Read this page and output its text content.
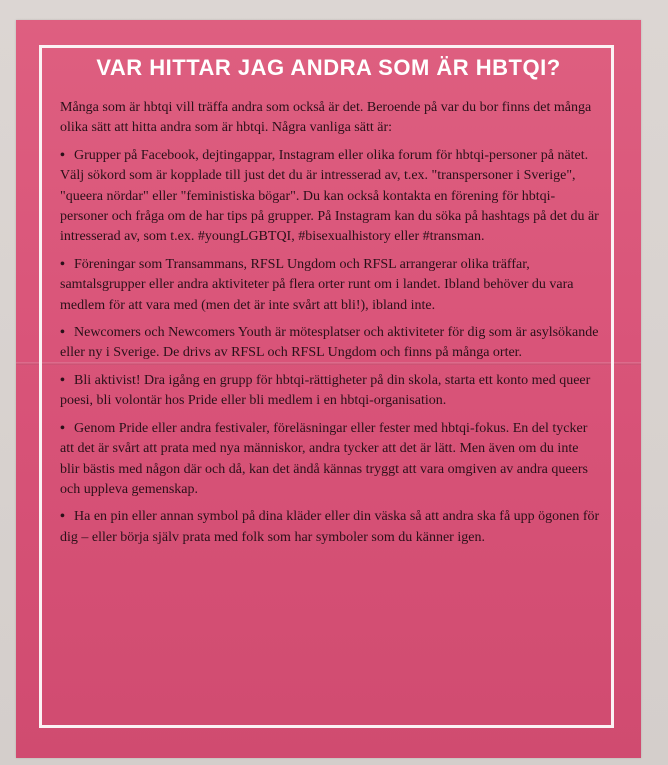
VAR HITTAR JAG ANDRA SOM ÄR HBTQI?

Många som är hbtqi vill träffa andra som också är det. Beroende på var du bor finns det många olika sätt att hitta andra som är hbtqi. Några vanliga sätt är:

• Grupper på Facebook, dejtingappar, Instagram eller olika forum för hbtqi-personer på nätet. Välj sökord som är kopplade till just det du är intresserad av, t.ex. "transpersoner i Sverige", "queera nördar" eller "feministiska bögar". Du kan också kontakta en förening för hbtqi-personer och fråga om de har tips på grupper. På Instagram kan du söka på hashtags på det du är intresserad av, som t.ex. #youngLGBTQI, #bisexualhistory eller #transman.
• Föreningar som Transammans, RFSL Ungdom och RFSL arrangerar olika träffar, samtalsgrupper eller andra aktiviteter på flera orter runt om i landet. Ibland behöver du vara medlem för att vara med (men det är inte svårt att bli!), ibland inte.
• Newcomers och Newcomers Youth är mötesplatser och aktiviteter för dig som är asylsökande eller ny i Sverige. De drivs av RFSL och RFSL Ungdom och finns på många orter.
• Bli aktivist! Dra igång en grupp för hbtqi-rättigheter på din skola, starta ett konto med queer poesi, bli volontär hos Pride eller bli medlem i en hbtqi-organisation.
• Genom Pride eller andra festivaler, föreläsningar eller fester med hbtqi-fokus. En del tycker att det är svårt att prata med nya människor, andra tycker att det är lätt. Men även om du inte blir bästis med någon där och då, kan det ändå kännas tryggt att vara omgiven av andra queers och uppleva gemenskap.
• Ha en pin eller annan symbol på dina kläder eller din väska så att andra ska få upp ögonen för dig – eller börja själv prata med folk som har symboler som du känner igen.
